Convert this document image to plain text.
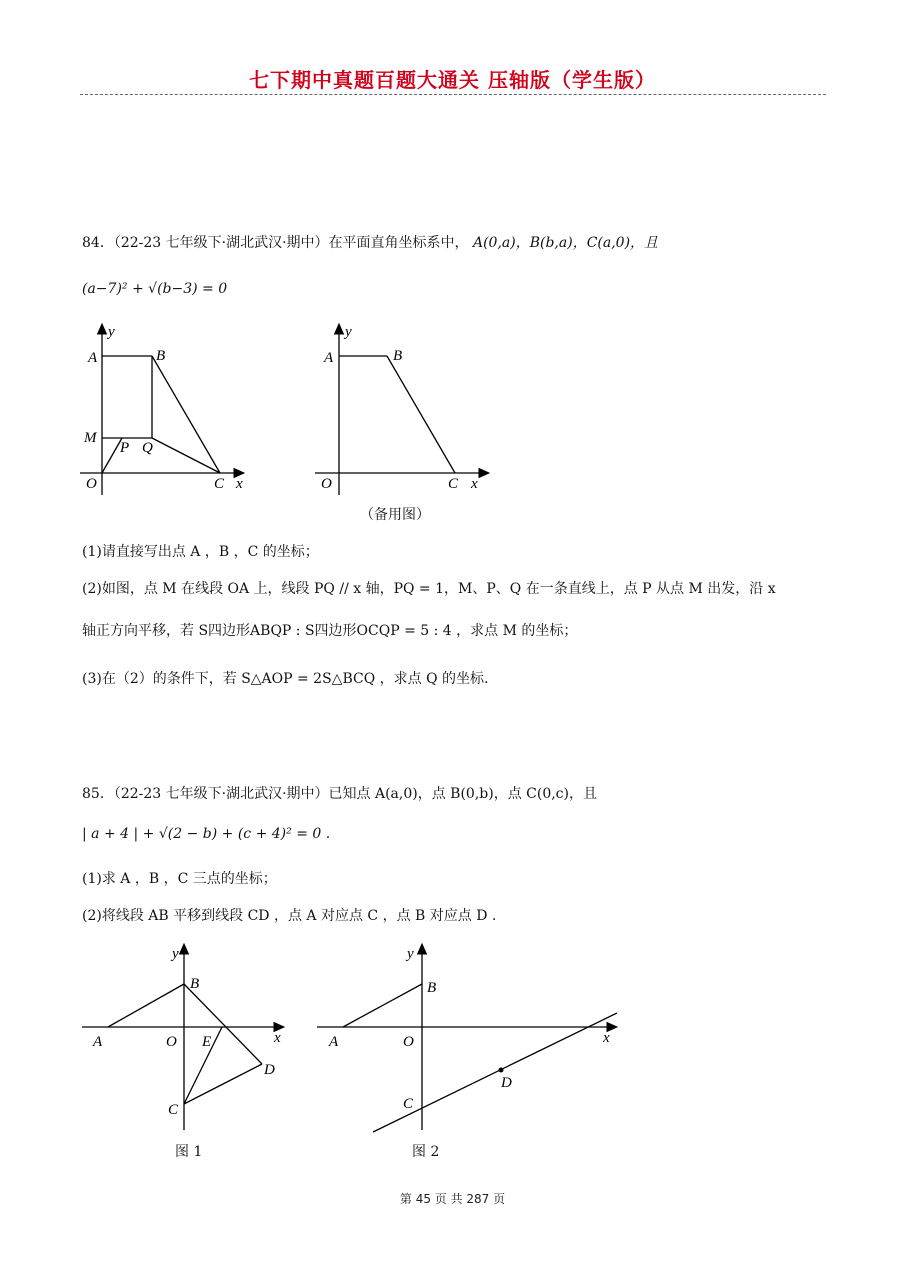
七下期中真题百题大通关 压轴版（学生版）
84．（22-23 七年级下·湖北武汉·期中）在平面直角坐标系中， A(0,a)，B(b,a)，C(a,0)，且
(a−7)² + √(b−3) = 0
y
A	B
M
P Q
O	C x
y
A	B
O	C x
（备用图）
(1)请直接写出点 A ，B ，C 的坐标；
(2)如图，点 M 在线段 OA 上，线段 PQ // x 轴，PQ = 1，M、P、Q 在一条直线上，点 P 从点 M 出发，沿 x
轴正方向平移，若 S四边形ABQP : S四边形OCQP = 5 : 4 ，求点 M 的坐标；
(3)在（2）的条件下，若 S△AOP = 2S△BCQ ，求点 Q 的坐标.
85．（22-23 七年级下·湖北武汉·期中）已知点 A(a,0)，点 B(0,b)，点 C(0,c)，且
| a + 4 | + √(2 − b) + (c + 4)² = 0 .
(1)求 A ，B ，C 三点的坐标；
(2)将线段 AB 平移到线段 CD ，点 A 对应点 C ，点 B 对应点 D .
y
B
A	O E	x
D
C
图 1
y
B
A	O	x
D
C
图 2
第 45 页 共 287 页
